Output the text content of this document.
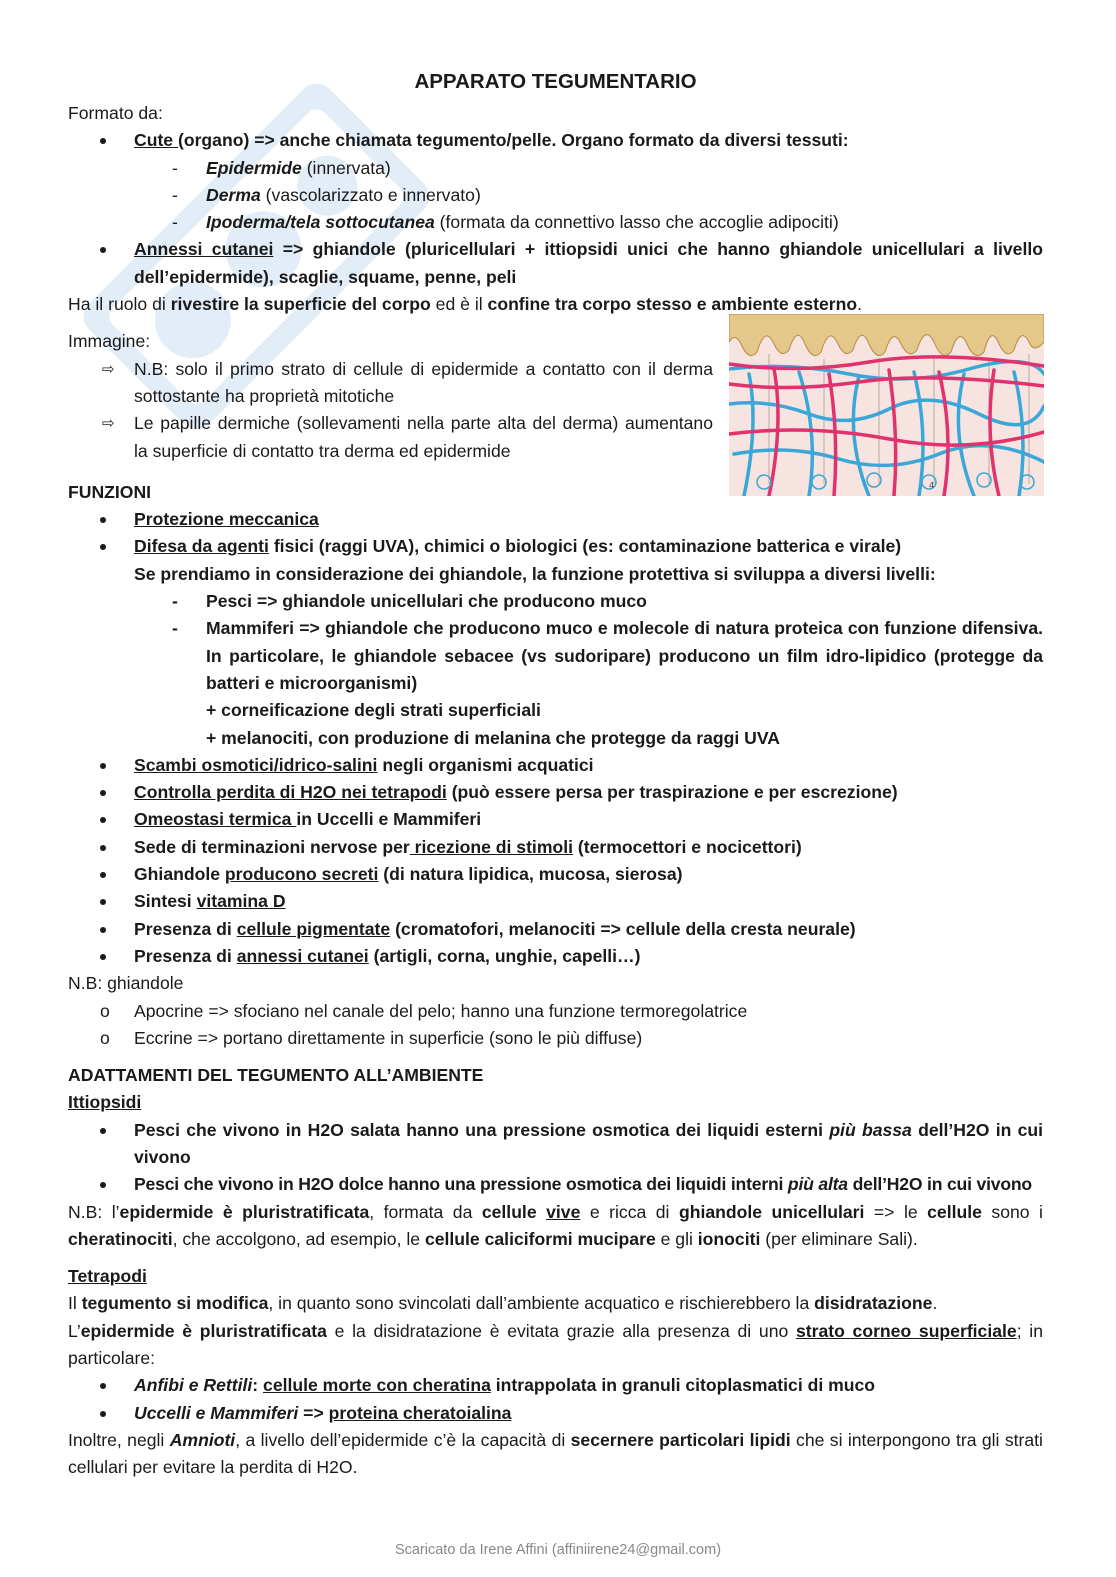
APPARATO TEGUMENTARIO

Formato da:

Cute (organo) => anche chiamata tegumento/pelle. Organo formato da diversi tessuti:
- Epidermide (innervata)
- Derma (vascolarizzato e innervato)
- Ipoderma/tela sottocutanea (formata da connettivo lasso che accoglie adipociti)
Annessi cutanei => ghiandole (pluricellulari + ittiopsidi unici che hanno ghiandole unicellulari a livello dell’epidermide), scaglie, squame, penne, peli

Ha il ruolo di rivestire la superficie del corpo ed è il confine tra corpo stesso e ambiente esterno.

Immagine:

⇨ N.B: solo il primo strato di cellule di epidermide a contatto con il derma sottostante ha proprietà mitotiche
⇨ Le papille dermiche (sollevamenti nella parte alta del derma) aumentano la superficie di contatto tra derma ed epidermide
4

FUNZIONI

Protezione meccanica
Difesa da agenti fisici (raggi UVA), chimici o biologici (es: contaminazione batterica e virale)
Se prendiamo in considerazione dei ghiandole, la funzione protettiva si sviluppa a diversi livelli:
- Pesci => ghiandole unicellulari che producono muco
- Mammiferi => ghiandole che producono muco e molecole di natura proteica con funzione difensiva. In particolare, le ghiandole sebacee (vs sudoripare) producono un film idro-lipidico (protegge da batteri e microorganismi)
+ corneificazione degli strati superficiali
+ melanociti, con produzione di melanina che protegge da raggi UVA
Scambi osmotici/idrico-salini negli organismi acquatici
Controlla perdita di H2O nei tetrapodi (può essere persa per traspirazione e per escrezione)
Omeostasi termica in Uccelli e Mammiferi
Sede di terminazioni nervose per ricezione di stimoli (termocettori e nocicettori)
Ghiandole producono secreti (di natura lipidica, mucosa, sierosa)
Sintesi vitamina D
Presenza di cellule pigmentate (cromatofori, melanociti => cellule della cresta neurale)
Presenza di annessi cutanei (artigli, corna, unghie, capelli…)

N.B: ghiandole

o Apocrine => sfociano nel canale del pelo; hanno una funzione termoregolatrice
o Eccrine => portano direttamente in superficie (sono le più diffuse)

ADATTAMENTI DEL TEGUMENTO ALL’AMBIENTE

Ittiopsidi

Pesci che vivono in H2O salata hanno una pressione osmotica dei liquidi esterni più bassa dell’H2O in cui vivono
Pesci che vivono in H2O dolce hanno una pressione osmotica dei liquidi interni più alta dell’H2O in cui vivono

N.B: l’epidermide è pluristratificata, formata da cellule vive e ricca di ghiandole unicellulari => le cellule sono i cheratinociti, che accolgono, ad esempio, le cellule caliciformi mucipare e gli ionociti (per eliminare Sali).

Tetrapodi

Il tegumento si modifica, in quanto sono svincolati dall’ambiente acquatico e rischierebbero la disidratazione.

L’epidermide è pluristratificata e la disidratazione è evitata grazie alla presenza di uno strato corneo superficiale; in particolare:

Anfibi e Rettili: cellule morte con cheratina intrappolata in granuli citoplasmatici di muco
Uccelli e Mammiferi => proteina cheratoialina

Inoltre, negli Amnioti, a livello dell’epidermide c’è la capacità di secernere particolari lipidi che si interpongono tra gli strati cellulari per evitare la perdita di H2O.

Scaricato da Irene Affini (affiniirene24@gmail.com)
